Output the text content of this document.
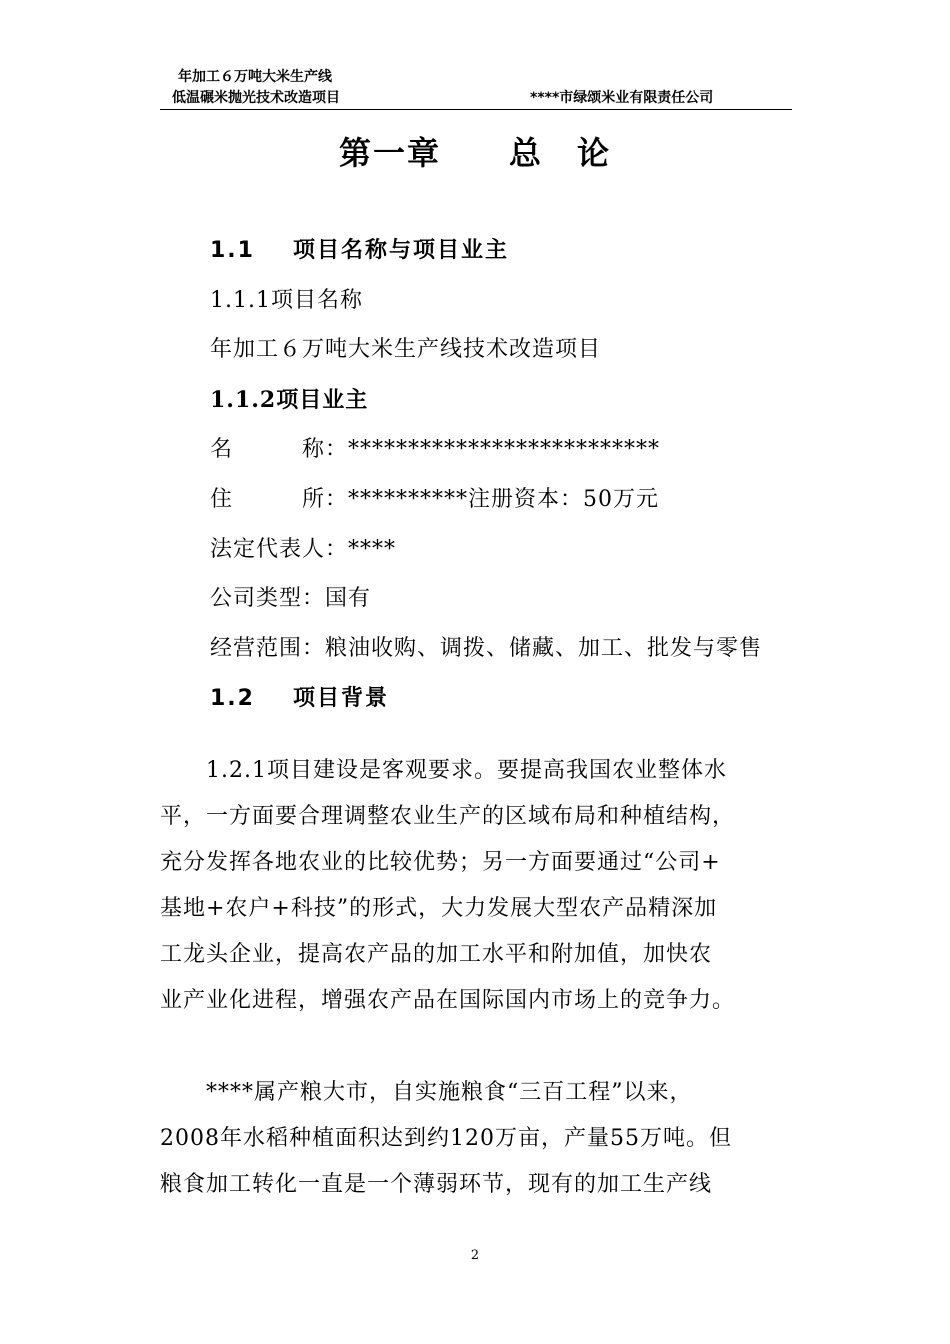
年加工６万吨大米生产线
低温碾米抛光技术改造项目	****市绿颂米业有限责任公司
第一章　　总　论
1.1 项目名称与项目业主
1.1.1项目名称
年加工６万吨大米生产线技术改造项目
1.1.2项目业主
名　　　称：**************************
住　　　所：**********注册资本：50万元
法定代表人：****
公司类型：国有
经营范围：粮油收购、调拨、储藏、加工、批发与零售
1.2 项目背景
　　1.2.1项目建设是客观要求。要提高我国农业整体水
平，一方面要合理调整农业生产的区域布局和种植结构，
充分发挥各地农业的比较优势；另一方面要通过“公司+
基地+农户+科技”的形式，大力发展大型农产品精深加
工龙头企业，提高农产品的加工水平和附加值，加快农
业产业化进程，增强农产品在国际国内市场上的竞争力。
　　****属产粮大市，自实施粮食“三百工程”以来，
2008年水稻种植面积达到约120万亩，产量55万吨。但
粮食加工转化一直是一个薄弱环节，现有的加工生产线
2
